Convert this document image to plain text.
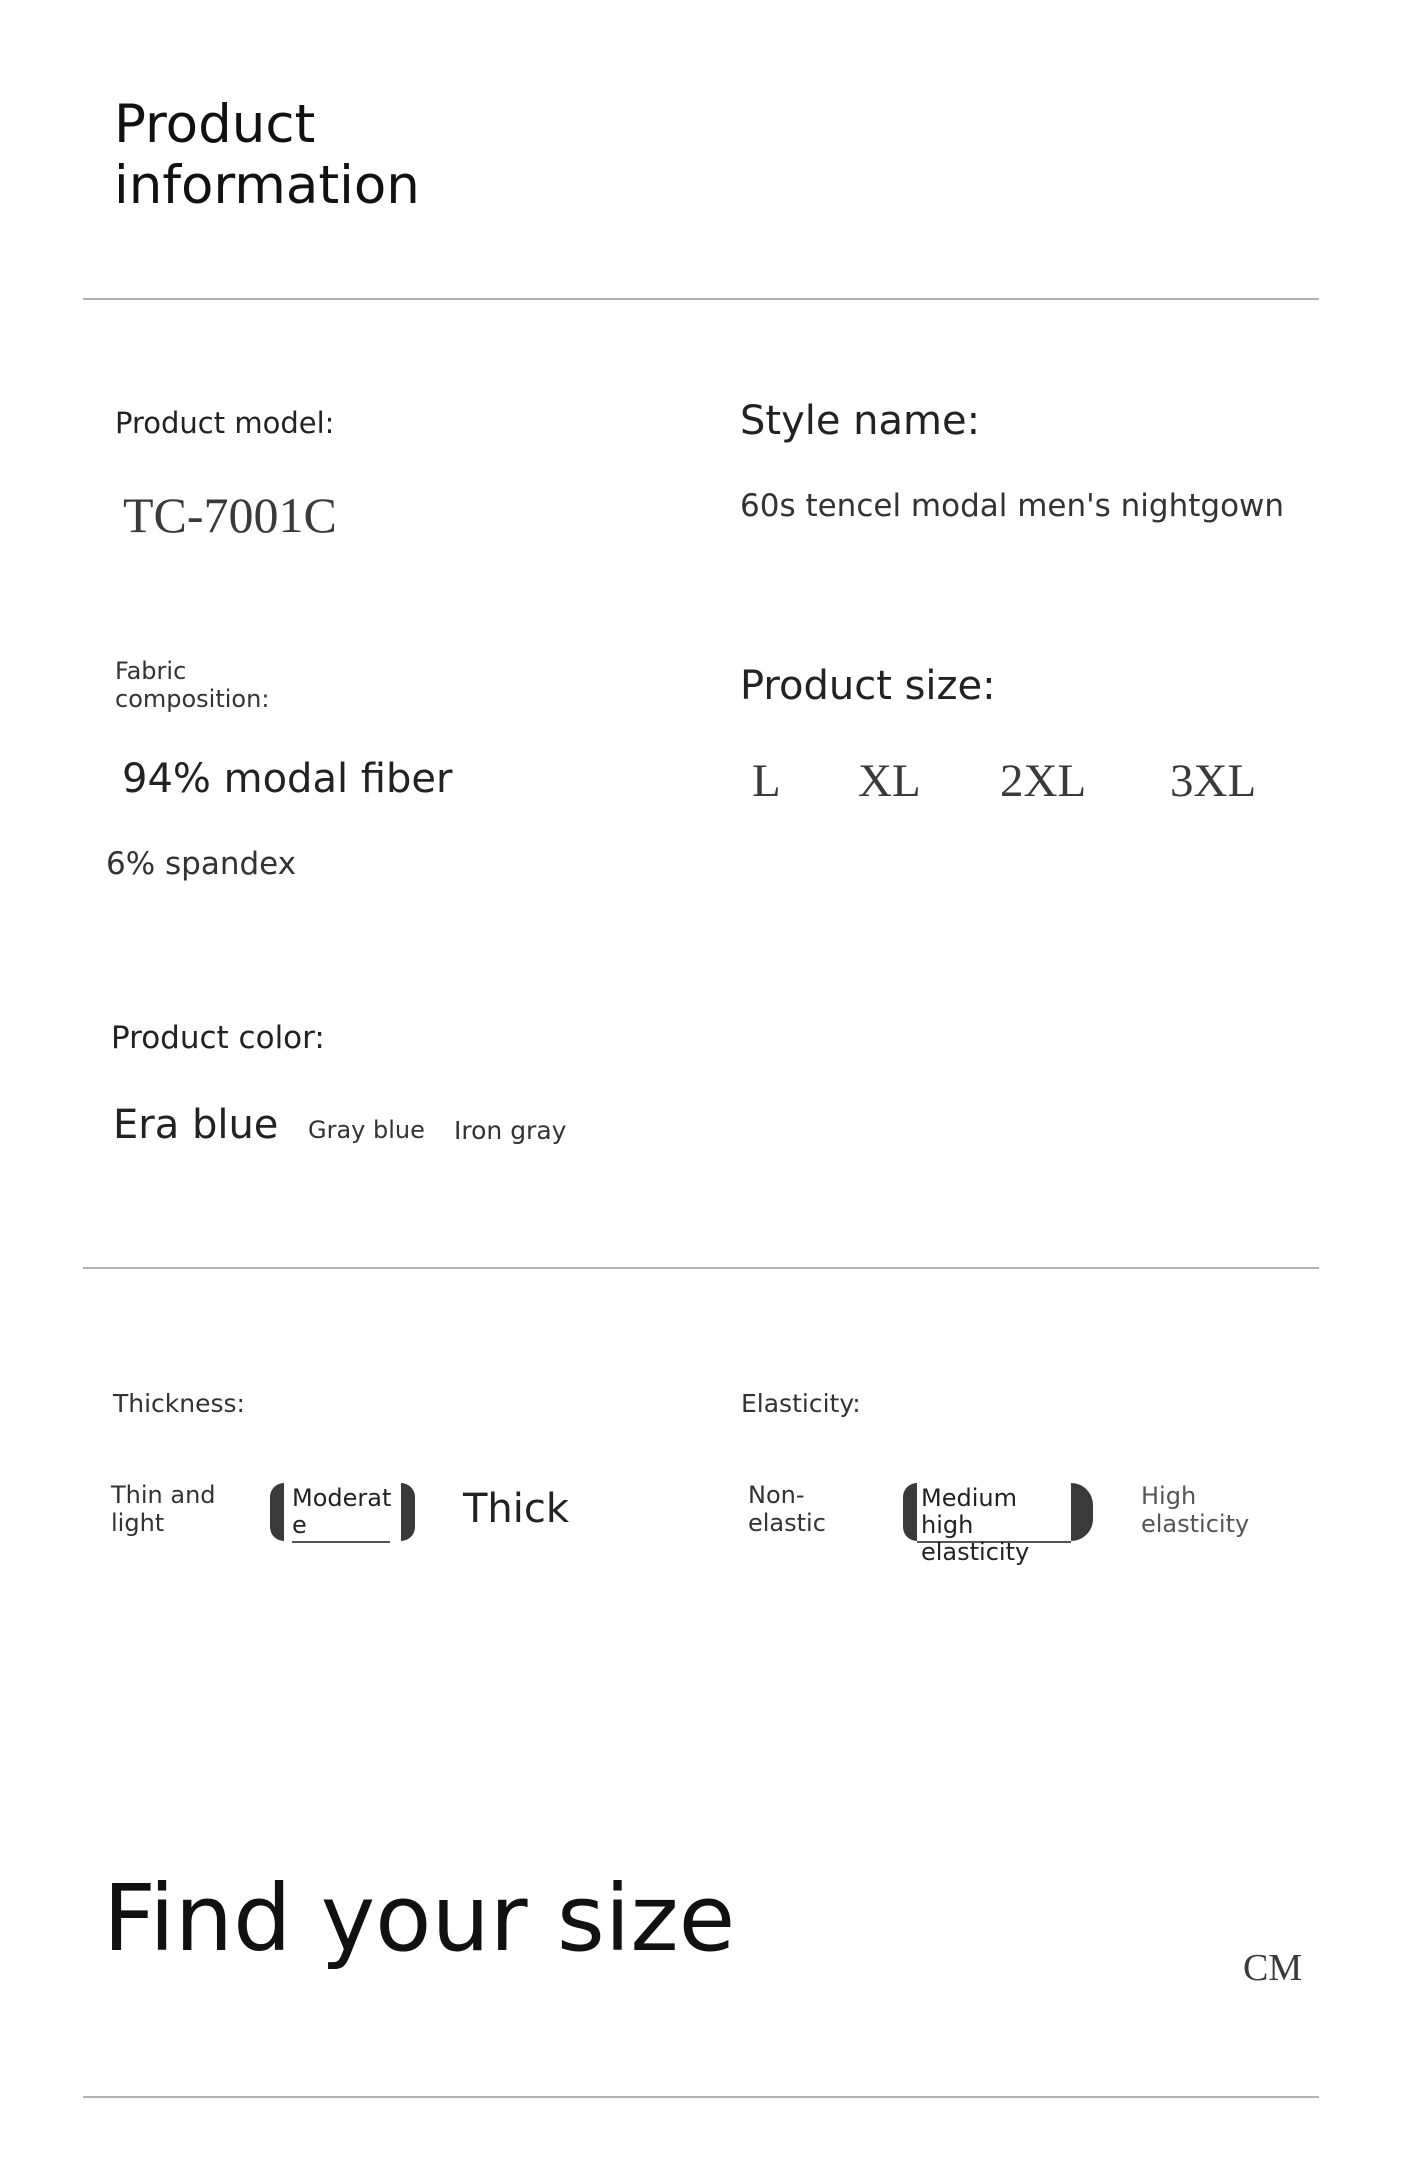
Product
information
Product model:
TC-7001C
Style name:
60s tencel modal men's nightgown
Fabric
composition:
94% modal fiber
6% spandex
Product size:
L XL 2XL 3XL
Product color:
Era blue Gray blue Iron gray
Thickness:
Thin and
light
Moderat
e	Thick
Elasticity:
Non-
elastic
Medium high
elasticity
High
elasticity
Find your size	CM
